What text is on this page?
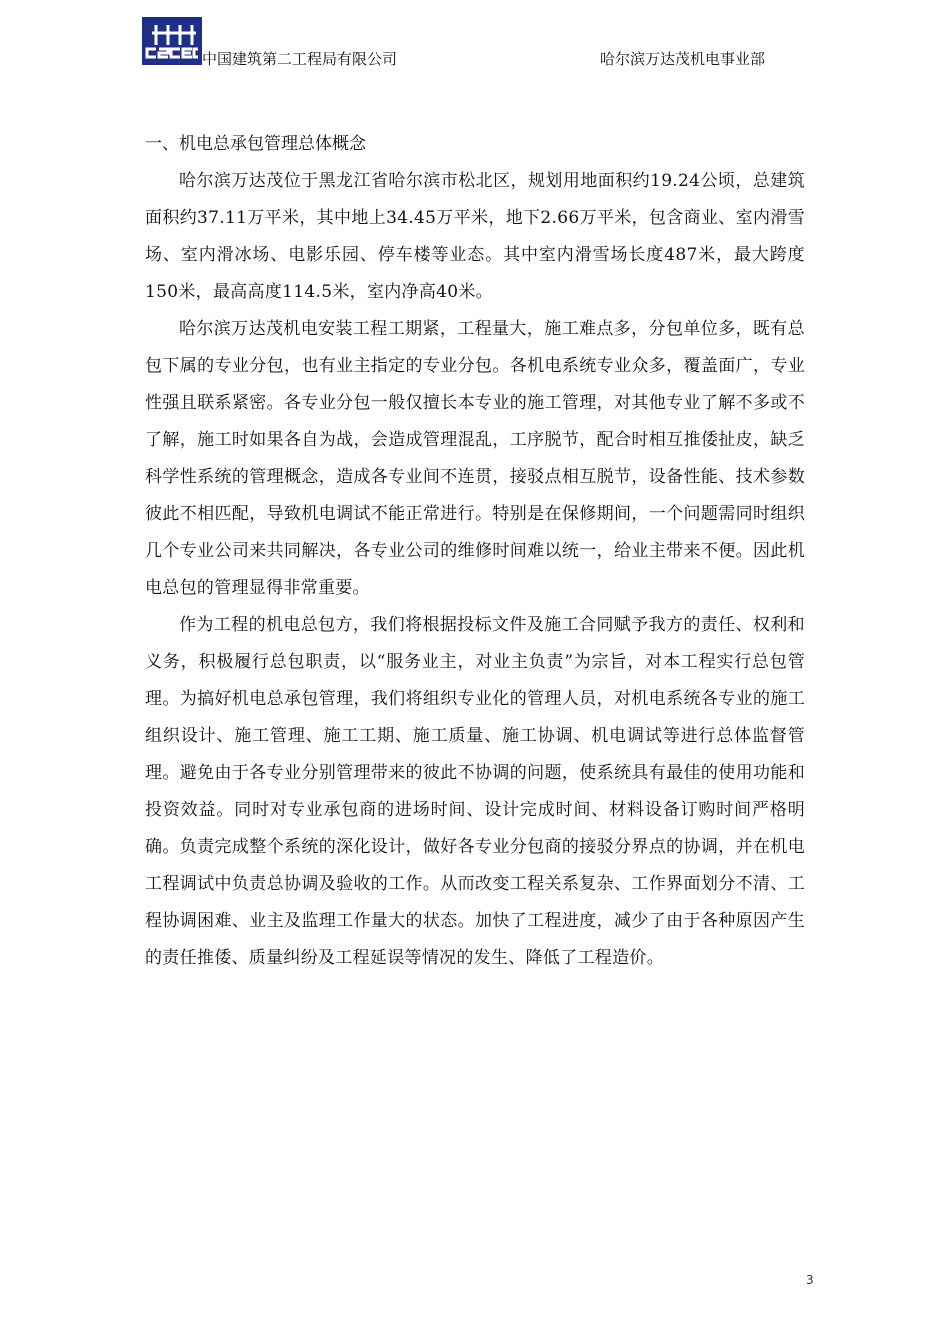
中国建筑第二工程局有限公司	哈尔滨万达茂机电事业部
一、机电总承包管理总体概念

哈尔滨万达茂位于黑龙江省哈尔滨市松北区，规划用地面积约19.24公顷，总建筑面积约37.11万平米，其中地上34.45万平米，地下2.66万平米，包含商业、室内滑雪场、室内滑冰场、电影乐园、停车楼等业态。其中室内滑雪场长度487米，最大跨度150米，最高高度114.5米，室内净高40米。

哈尔滨万达茂机电安装工程工期紧，工程量大，施工难点多，分包单位多，既有总包下属的专业分包，也有业主指定的专业分包。各机电系统专业众多，覆盖面广，专业性强且联系紧密。各专业分包一般仅擅长本专业的施工管理，对其他专业了解不多或不了解，施工时如果各自为战，会造成管理混乱，工序脱节，配合时相互推倭扯皮，缺乏科学性系统的管理概念，造成各专业间不连贯，接驳点相互脱节，设备性能、技术参数彼此不相匹配，导致机电调试不能正常进行。特别是在保修期间，一个问题需同时组织几个专业公司来共同解决，各专业公司的维修时间难以统一，给业主带来不便。因此机电总包的管理显得非常重要。

作为工程的机电总包方，我们将根据投标文件及施工合同赋予我方的责任、权利和义务，积极履行总包职责，以“服务业主，对业主负责”为宗旨，对本工程实行总包管理。为搞好机电总承包管理，我们将组织专业化的管理人员，对机电系统各专业的施工组织设计、施工管理、施工工期、施工质量、施工协调、机电调试等进行总体监督管理。避免由于各专业分别管理带来的彼此不协调的问题，使系统具有最佳的使用功能和投资效益。同时对专业承包商的进场时间、设计完成时间、材料设备订购时间严格明确。负责完成整个系统的深化设计，做好各专业分包商的接驳分界点的协调，并在机电工程调试中负责总协调及验收的工作。从而改变工程关系复杂、工作界面划分不清、工程协调困难、业主及监理工作量大的状态。加快了工程进度，减少了由于各种原因产生的责任推倭、质量纠纷及工程延误等情况的发生、降低了工程造价。

3
